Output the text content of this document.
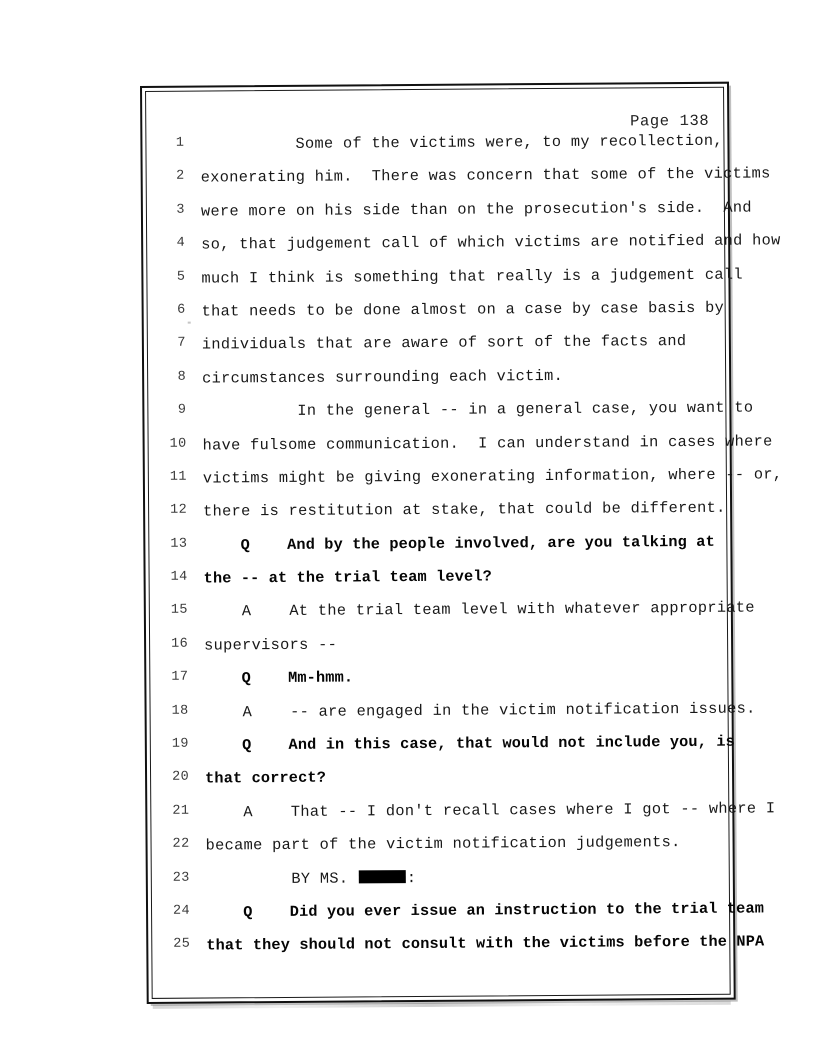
Page 138
1 Some of the victims were, to my recollection,
2 exonerating him.  There was concern that some of the victims
3 were more on his side than on the prosecution's side.  And
4 so, that judgement call of which victims are notified and how
5 much I think is something that really is a judgement call
6 that needs to be done almost on a case by case basis by
7 individuals that are aware of sort of the facts and
8 circumstances surrounding each victim.
9 In the general -- in a general case, you want to
10 have fulsome communication.  I can understand in cases where
11 victims might be giving exonerating information, where -- or,
12 there is restitution at stake, that could be different.
13 Q    And by the people involved, are you talking at
14 the -- at the trial team level?
15 A    At the trial team level with whatever appropriate
16 supervisors --
17 Q    Mm-hmm.
18 A    -- are engaged in the victim notification issues.
19 Q    And in this case, that would not include you, is
20 that correct?
21 A    That -- I don't recall cases where I got -- where I
22 became part of the victim notification judgements.
23 BY MS.	:
24 Q    Did you ever issue an instruction to the trial team
25 that they should not consult with the victims before the NPA
